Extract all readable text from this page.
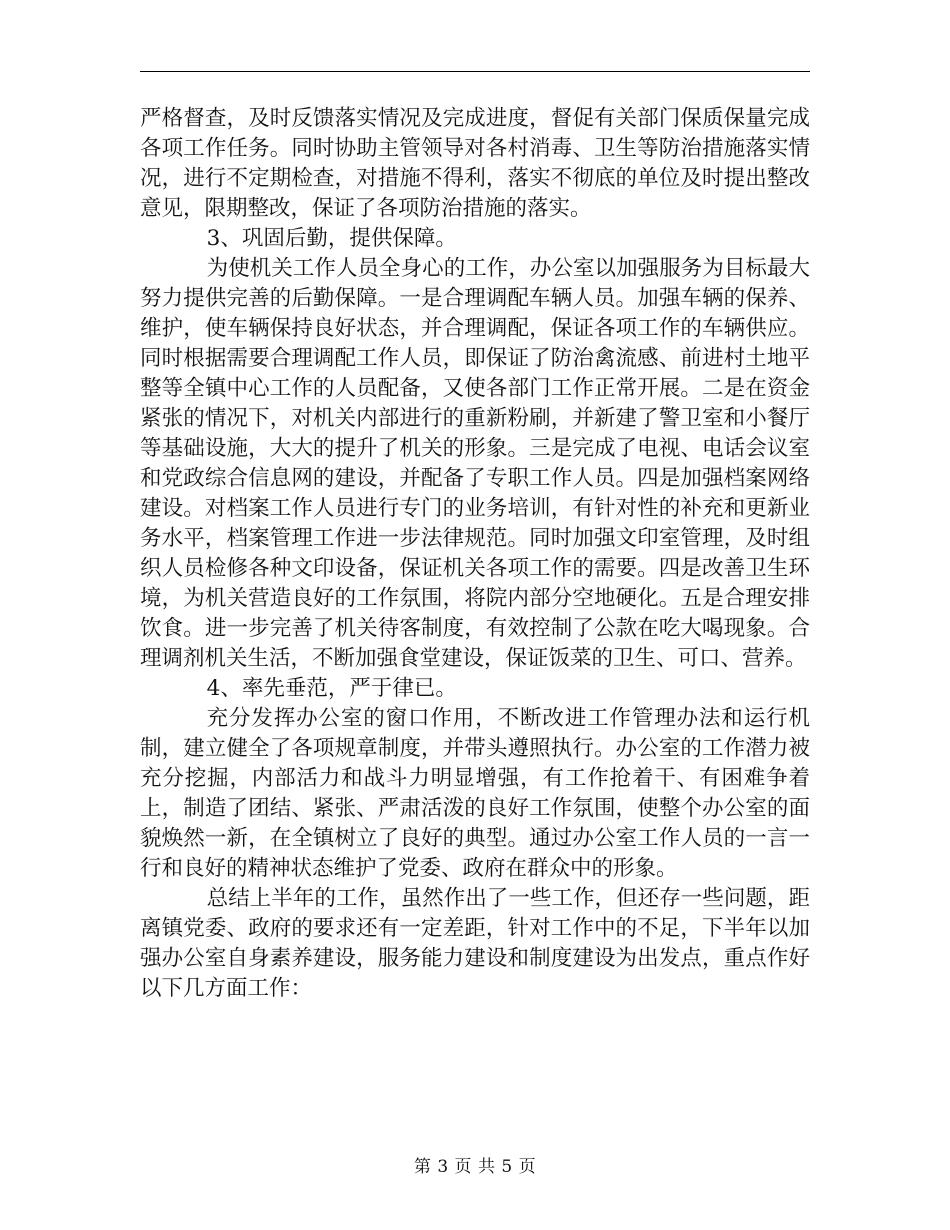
严格督查，及时反馈落实情况及完成进度，督促有关部门保质保量完成各项工作任务。同时协助主管领导对各村消毒、卫生等防治措施落实情况，进行不定期检查，对措施不得利，落实不彻底的单位及时提出整改意见，限期整改，保证了各项防治措施的落实。

3、巩固后勤，提供保障。

为使机关工作人员全身心的工作，办公室以加强服务为目标最大努力提供完善的后勤保障。一是合理调配车辆人员。加强车辆的保养、维护，使车辆保持良好状态，并合理调配，保证各项工作的车辆供应。同时根据需要合理调配工作人员，即保证了防治禽流感、前进村土地平整等全镇中心工作的人员配备，又使各部门工作正常开展。二是在资金紧张的情况下，对机关内部进行的重新粉刷，并新建了警卫室和小餐厅等基础设施，大大的提升了机关的形象。三是完成了电视、电话会议室和党政综合信息网的建设，并配备了专职工作人员。四是加强档案网络建设。对档案工作人员进行专门的业务培训，有针对性的补充和更新业务水平，档案管理工作进一步法律规范。同时加强文印室管理，及时组织人员检修各种文印设备，保证机关各项工作的需要。四是改善卫生环境，为机关营造良好的工作氛围，将院内部分空地硬化。五是合理安排饮食。进一步完善了机关待客制度，有效控制了公款在吃大喝现象。合理调剂机关生活，不断加强食堂建设，保证饭菜的卫生、可口、营养。

4、率先垂范，严于律已。

充分发挥办公室的窗口作用，不断改进工作管理办法和运行机制，建立健全了各项规章制度，并带头遵照执行。办公室的工作潜力被充分挖掘，内部活力和战斗力明显增强，有工作抢着干、有困难争着上，制造了团结、紧张、严肃活泼的良好工作氛围，使整个办公室的面貌焕然一新，在全镇树立了良好的典型。通过办公室工作人员的一言一行和良好的精神状态维护了党委、政府在群众中的形象。

总结上半年的工作，虽然作出了一些工作，但还存一些问题，距离镇党委、政府的要求还有一定差距，针对工作中的不足，下半年以加强办公室自身素养建设，服务能力建设和制度建设为出发点，重点作好以下几方面工作：

第 3 页 共 5 页
